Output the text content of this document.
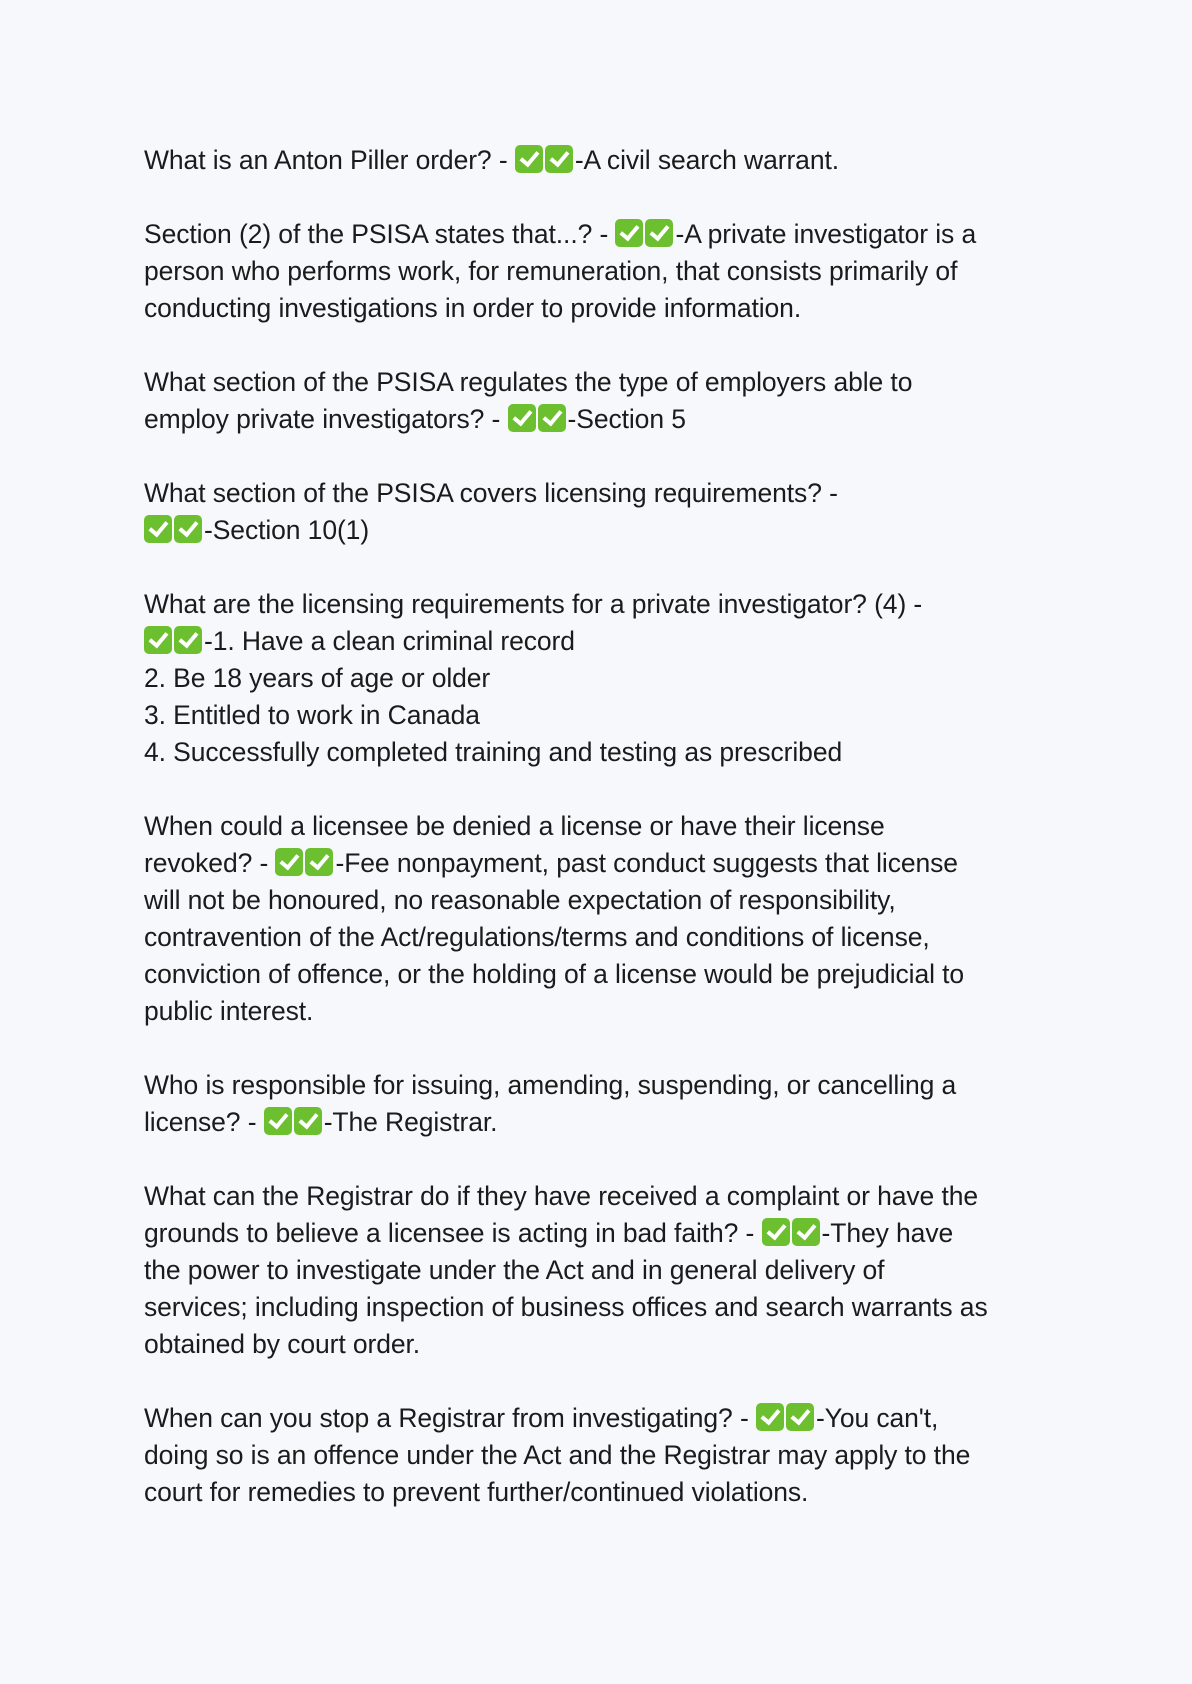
What is an Anton Piller order? - -A civil search warrant.
Section (2) of the PSISA states that...? - -A private investigator is a
person who performs work, for remuneration, that consists primarily of
conducting investigations in order to provide information.
What section of the PSISA regulates the type of employers able to
employ private investigators? - -Section 5
What section of the PSISA covers licensing requirements? -
-Section 10(1)
What are the licensing requirements for a private investigator? (4) -
-1. Have a clean criminal record
2. Be 18 years of age or older
3. Entitled to work in Canada
4. Successfully completed training and testing as prescribed
When could a licensee be denied a license or have their license
revoked? - -Fee nonpayment, past conduct suggests that license
will not be honoured, no reasonable expectation of responsibility,
contravention of the Act/regulations/terms and conditions of license,
conviction of offence, or the holding of a license would be prejudicial to
public interest.
Who is responsible for issuing, amending, suspending, or cancelling a
license? - -The Registrar.
What can the Registrar do if they have received a complaint or have the
grounds to believe a licensee is acting in bad faith? - -They have
the power to investigate under the Act and in general delivery of
services; including inspection of business offices and search warrants as
obtained by court order.
When can you stop a Registrar from investigating? - -You can't,
doing so is an offence under the Act and the Registrar may apply to the
court for remedies to prevent further/continued violations.
